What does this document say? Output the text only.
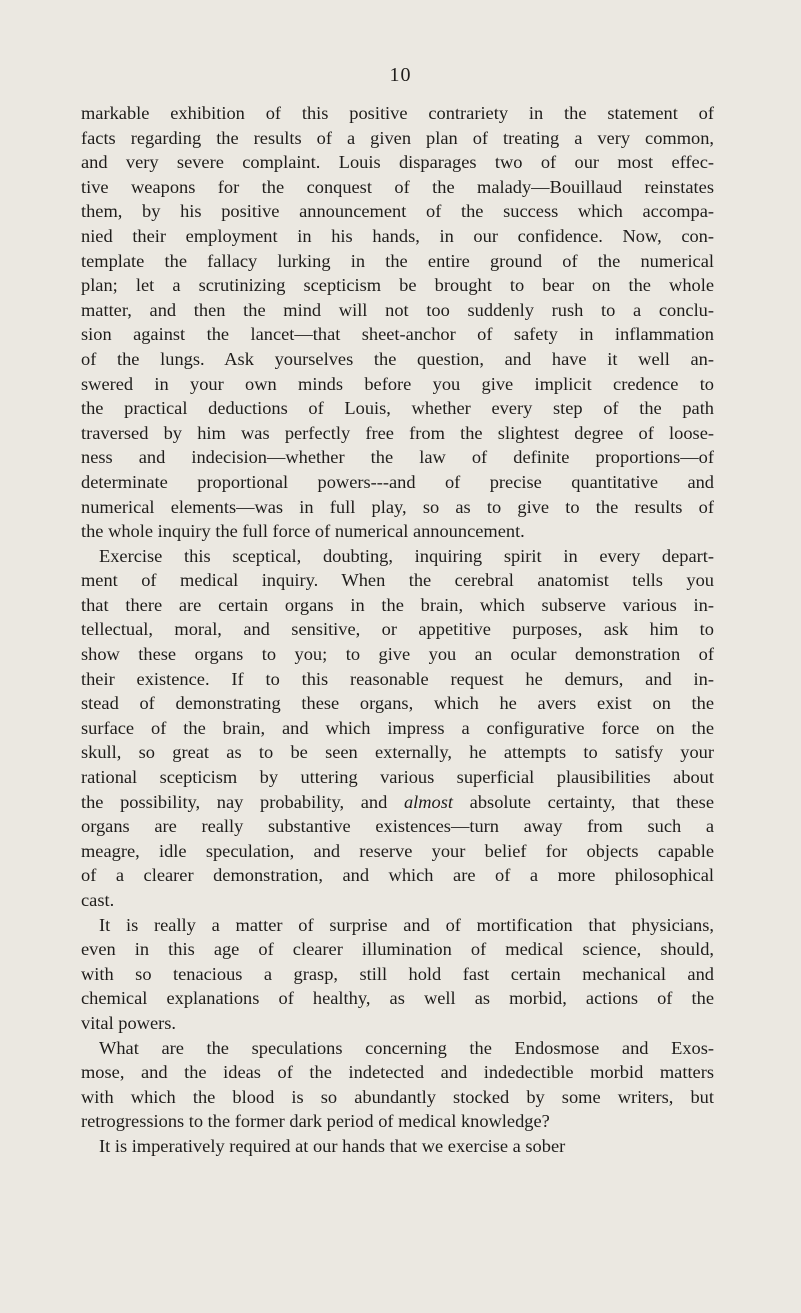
10
markable exhibition of this positive contrariety in the statement of
facts regarding the results of a given plan of treating a very common,
and very severe complaint. Louis disparages two of our most effec-
tive weapons for the conquest of the malady—Bouillaud reinstates
them, by his positive announcement of the success which accompa-
nied their employment in his hands, in our confidence. Now, con-
template the fallacy lurking in the entire ground of the numerical
plan; let a scrutinizing scepticism be brought to bear on the whole
matter, and then the mind will not too suddenly rush to a conclu-
sion against the lancet—that sheet-anchor of safety in inflammation
of the lungs. Ask yourselves the question, and have it well an-
swered in your own minds before you give implicit credence to
the practical deductions of Louis, whether every step of the path
traversed by him was perfectly free from the slightest degree of loose-
ness and indecision—whether the law of definite proportions—of
determinate proportional powers---and of precise quantitative and
numerical elements—was in full play, so as to give to the results of
the whole inquiry the full force of numerical announcement.
Exercise this sceptical, doubting, inquiring spirit in every depart-
ment of medical inquiry. When the cerebral anatomist tells you
that there are certain organs in the brain, which subserve various in-
tellectual, moral, and sensitive, or appetitive purposes, ask him to
show these organs to you; to give you an ocular demonstration of
their existence. If to this reasonable request he demurs, and in-
stead of demonstrating these organs, which he avers exist on the
surface of the brain, and which impress a configurative force on the
skull, so great as to be seen externally, he attempts to satisfy your
rational scepticism by uttering various superficial plausibilities about
the possibility, nay probability, and almost absolute certainty, that these
organs are really substantive existences—turn away from such a
meagre, idle speculation, and reserve your belief for objects capable
of a clearer demonstration, and which are of a more philosophical
cast.
It is really a matter of surprise and of mortification that physicians,
even in this age of clearer illumination of medical science, should,
with so tenacious a grasp, still hold fast certain mechanical and
chemical explanations of healthy, as well as morbid, actions of the
vital powers.
What are the speculations concerning the Endosmose and Exos-
mose, and the ideas of the indetected and indedectible morbid matters
with which the blood is so abundantly stocked by some writers, but
retrogressions to the former dark period of medical knowledge?
It is imperatively required at our hands that we exercise a sober
